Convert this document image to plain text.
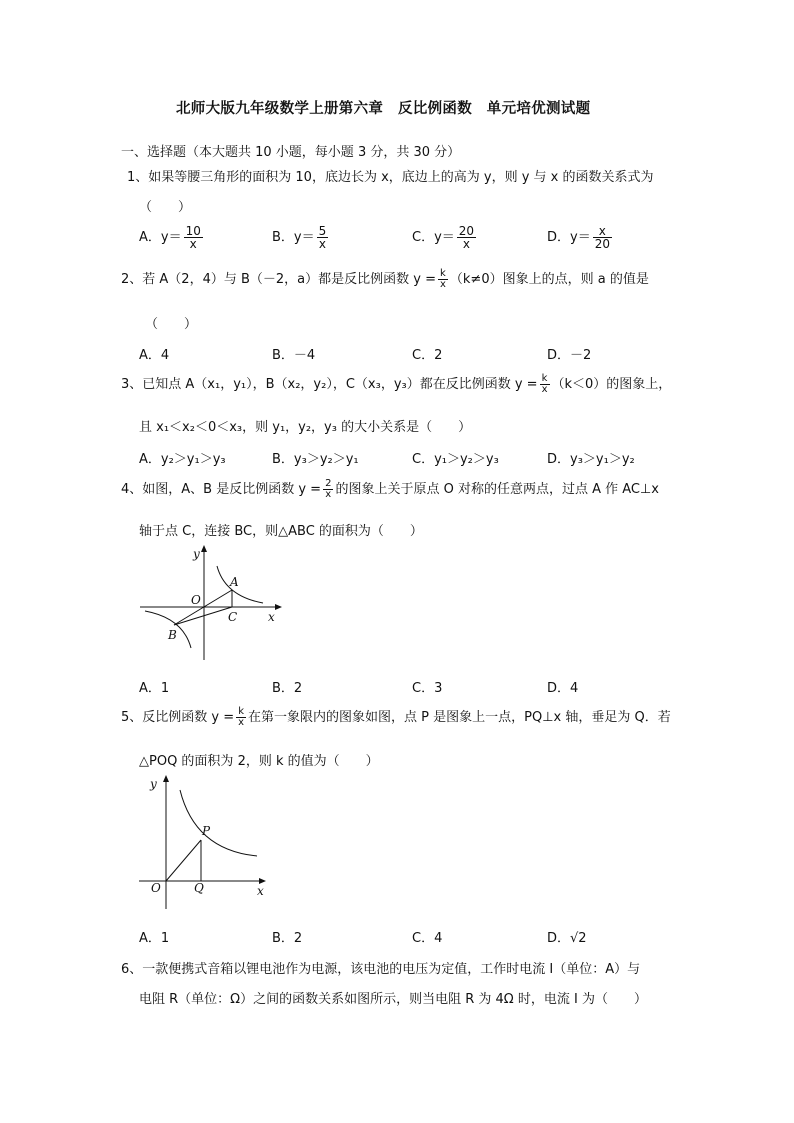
北师大版九年级数学上册第六章　反比例函数　单元培优测试题
一、选择题（本大题共 10 小题，每小题 3 分，共 30 分）
1、如果等腰三角形的面积为 10，底边长为 x，底边上的高为 y，则 y 与 x 的函数关系式为
（　　）
A．$y= \frac{10}{x}$	B．$y= \frac{5}{x}$	C．$y= \frac{20}{x}$	D．$y= \frac{x}{20}$
2、若 A（2，4）与 B（－2，a）都是反比例函数 $y = \frac{k}{x} (k\ne 0)$图象上的点，则 a 的值是
（　　）
A．4	B．－4	C．2	D．－2
3、已知点 A（x₁，y₁），B（x₂，y₂），C（x₃，y₃）都在反比例函数 $y = \frac{k}{x} (k<0)$的图象上，
且 x₁＜x₂＜0＜x₃，则 y₁，y₂，y₃ 的大小关系是（　　）
A．y₂＞y₁＞y₃	B．y₃＞y₂＞y₁	C．y₁＞y₂＞y₃	D．y₃＞y₁＞y₂
4、如图，A、B 是反比例函数 $y = \frac{2}{x}$ 的图象上关于原点 O 对称的任意两点，过点 A 作 AC⊥x
轴于点 C，连接 BC，则△ABC 的面积为（　　）
y
x
O
A
B
C
A．1	B．2	C．3	D．4
5、反比例函数 $y = \frac{k}{x}$ 在第一象限内的图象如图，点 P 是图象上一点，PQ⊥x 轴，垂足为 Q．若
△POQ 的面积为 2，则 k 的值为（　　）
y
x
O
P
Q
A．1	B．2	C．4	D．√2
6、一款便携式音箱以锂电池作为电源，该电池的电压为定值，工作时电流 I（单位：A）与
电阻 R（单位：Ω）之间的函数关系如图所示，则当电阻 R 为 4Ω 时，电流 I 为（　　）
